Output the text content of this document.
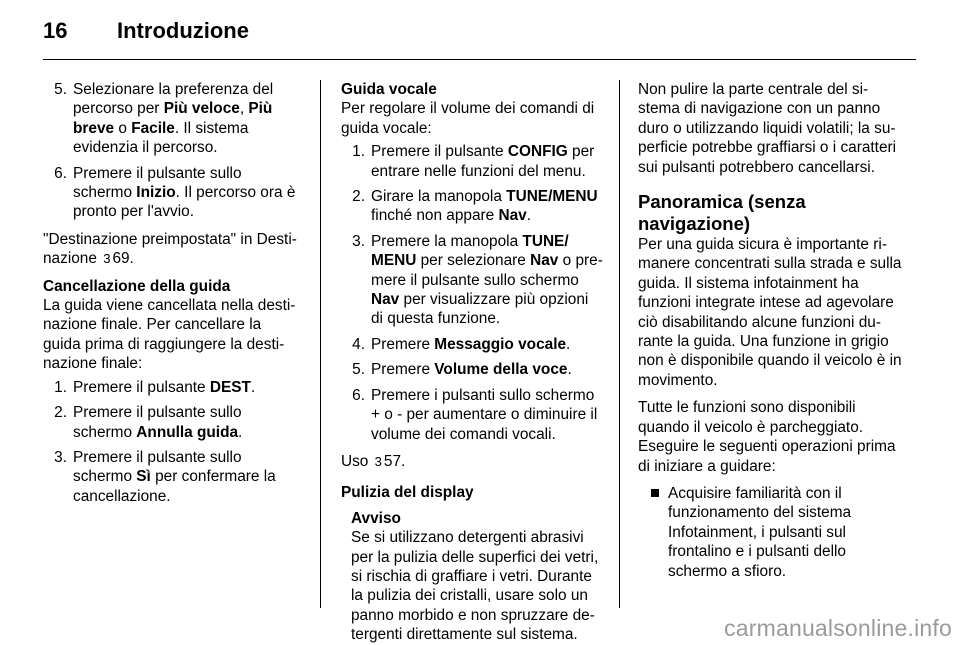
16 Introduzione
5. Selezionare la preferenza del percorso per Più veloce, Più breve o Facile. Il sistema evidenzia il percorso.
6. Premere il pulsante sullo schermo Inizio. Il percorso ora è pronto per l'avvio.

"Destinazione preimpostata" in Destinazione 3 69.

Cancellazione della guida
La guida viene cancellata nella destinazione finale. Per cancellare la guida prima di raggiungere la destinazione finale:

1. Premere il pulsante DEST.
2. Premere il pulsante sullo schermo Annulla guida.
3. Premere il pulsante sullo schermo Sì per confermare la cancellazione.

Guida vocale
Per regolare il volume dei comandi di guida vocale:

1. Premere il pulsante CONFIG per entrare nelle funzioni del menu.
2. Girare la manopola TUNE/MENU finché non appare Nav.
3. Premere la manopola TUNE/ MENU per selezionare Nav o premere il pulsante sullo schermo Nav per visualizzare più opzioni di questa funzione.
4. Premere Messaggio vocale.
5. Premere Volume della voce.
6. Premere i pulsanti sullo schermo + o - per aumentare o diminuire il volume dei comandi vocali.

Uso 3 57.

Pulizia del display

Avviso
Se si utilizzano detergenti abrasivi per la pulizia delle superfici dei vetri, si rischia di graffiare i vetri. Durante la pulizia dei cristalli, usare solo un panno morbido e non spruzzare detergenti direttamente sul sistema.

Non pulire la parte centrale del sistema di navigazione con un panno duro o utilizzando liquidi volatili; la superficie potrebbe graffiarsi o i caratteri sui pulsanti potrebbero cancellarsi.

Panoramica (senza navigazione)

Per una guida sicura è importante rimanere concentrati sulla strada e sulla guida. Il sistema infotainment ha funzioni integrate intese ad agevolare ciò disabilitando alcune funzioni durante la guida. Una funzione in grigio non è disponibile quando il veicolo è in movimento.

Tutte le funzioni sono disponibili quando il veicolo è parcheggiato. Eseguire le seguenti operazioni prima di iniziare a guidare:

Acquisire familiarità con il funzionamento del sistema Infotainment, i pulsanti sul frontalino e i pulsanti dello schermo a sfioro.
carmanualsonline.info
